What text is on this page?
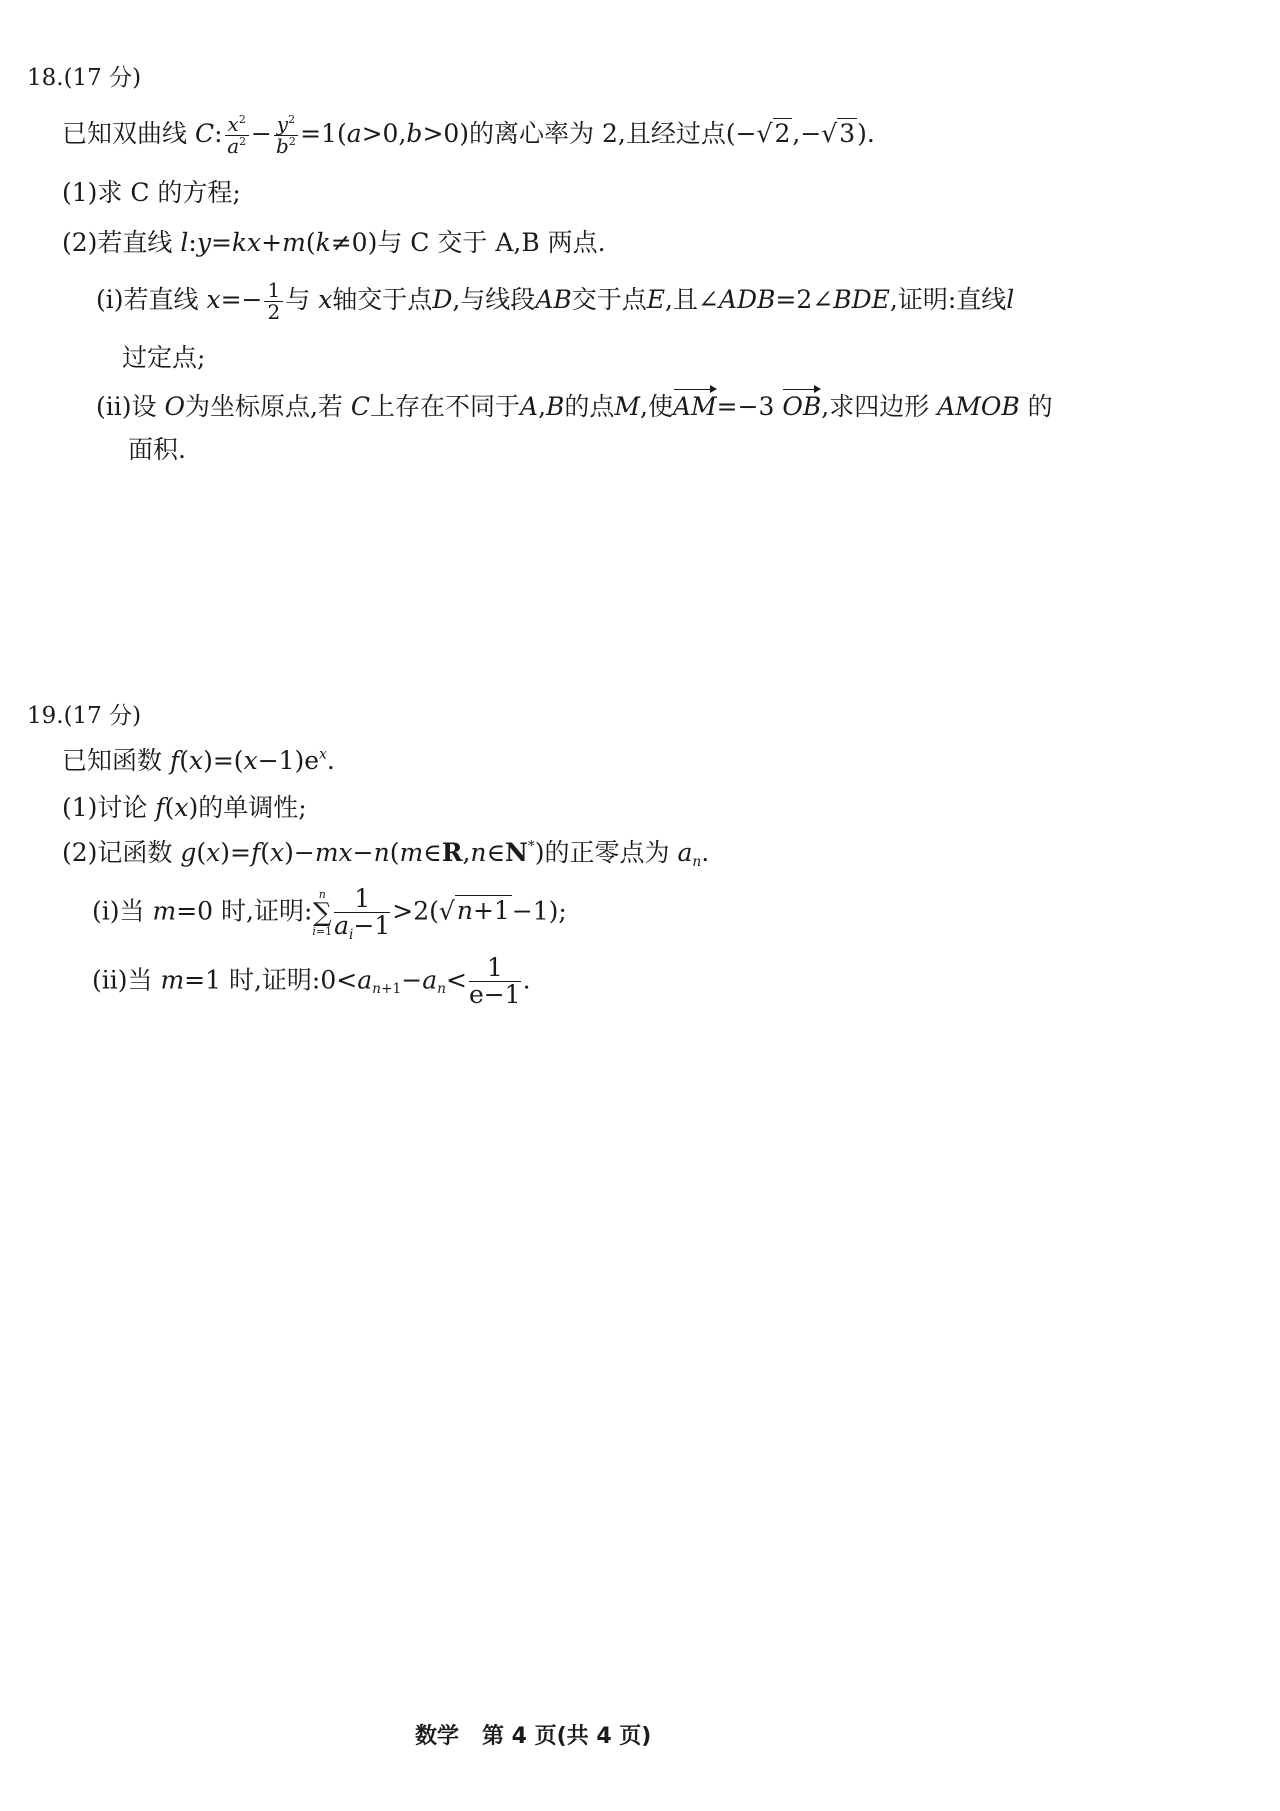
18.(17 分)
已知双曲线 C: $\frac{x^2}{a^2} - \frac{y^2}{b^2} =1(a>0,b>0)$的离心率为 2,且经过点(−√2,−√3).
(1)求 C 的方程;
(2)若直线 l:y=kx+m(k≠0)与 C 交于 A,B 两点.
(i)若直线 $x=- \frac{1}{2}$ 与 x轴交于点D,与线段AB交于点E,且∠ADB=2∠BDE,证明:直线l
过定点;
(ii)设 O为坐标原点,若 C上存在不同于A,B的点M,使AM=−3 OB,求四边形 AMOB 的
面积.
19.(17 分)
已知函数 $f(x)=(x-1)e^x$.
(1)讨论 f(x)的单调性;
(2)记函数 g(x)=f(x)−mx−n(m∈R,n∈N*)的正零点为 $a_n$.
(i)当 m=0 时,证明:
n
∑
$i=1 \frac{1}{a_i-1} >2(√n+1-1)$;
(ii)当 m=1 时,证明$:0<a_{n+1}-a_n< \frac{1}{e-1}$ .
数学 第 4 页(共 4 页)
